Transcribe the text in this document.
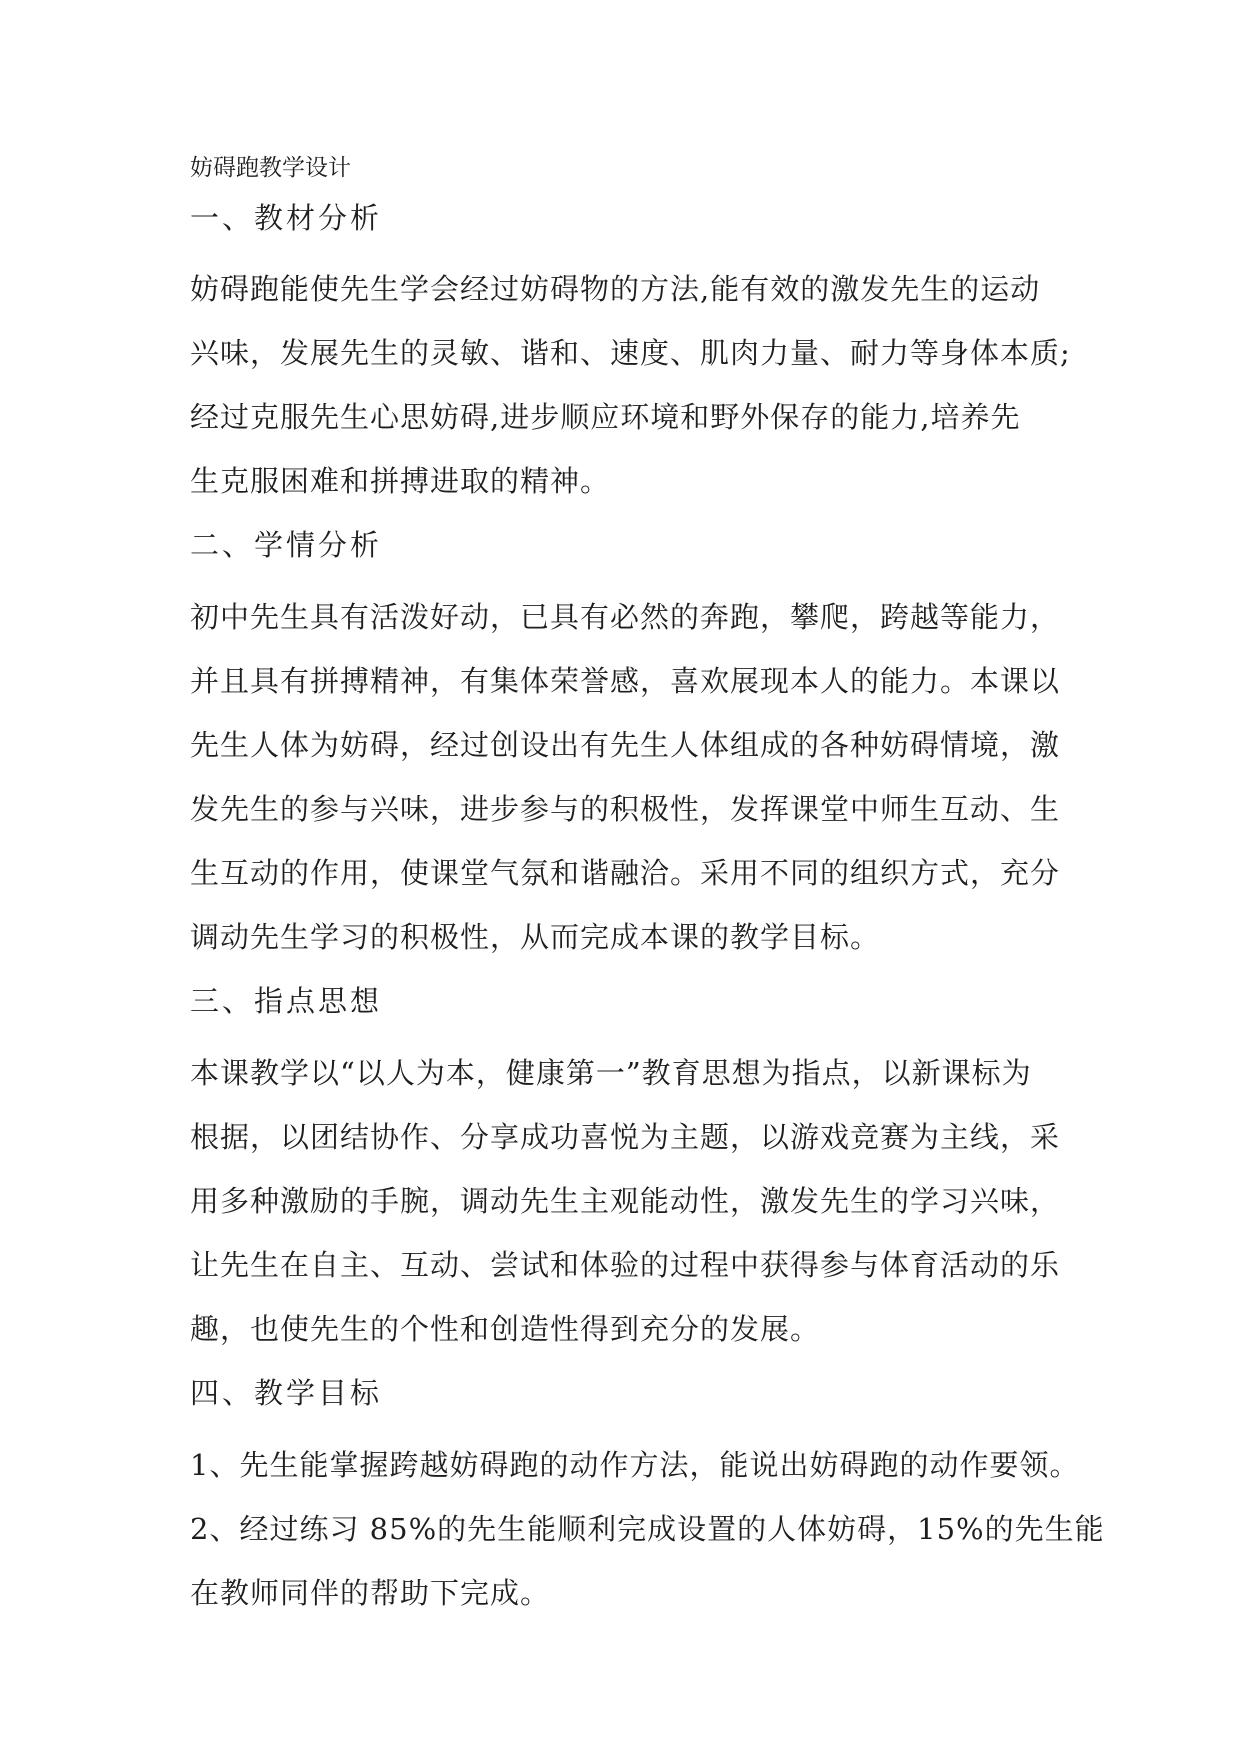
妨碍跑教学设计
一、教材分析
妨碍跑能使先生学会经过妨碍物的方法,能有效的激发先生的运动
兴味，发展先生的灵敏、谐和、速度、肌肉力量、耐力等身体本质;
经过克服先生心思妨碍,进步顺应环境和野外保存的能力,培养先
生克服困难和拼搏进取的精神。
二、学情分析
初中先生具有活泼好动，已具有必然的奔跑，攀爬，跨越等能力，
并且具有拼搏精神，有集体荣誉感，喜欢展现本人的能力。本课以
先生人体为妨碍，经过创设出有先生人体组成的各种妨碍情境，激
发先生的参与兴味，进步参与的积极性，发挥课堂中师生互动、生
生互动的作用，使课堂气氛和谐融洽。采用不同的组织方式，充分
调动先生学习的积极性，从而完成本课的教学目标。
三、指点思想
本课教学以“以人为本，健康第一”教育思想为指点，以新课标为
根据，以团结协作、分享成功喜悦为主题，以游戏竞赛为主线，采
用多种激励的手腕，调动先生主观能动性，激发先生的学习兴味，
让先生在自主、互动、尝试和体验的过程中获得参与体育活动的乐
趣，也使先生的个性和创造性得到充分的发展。
四、教学目标
1、先生能掌握跨越妨碍跑的动作方法，能说出妨碍跑的动作要领。
2、经过练习 85%的先生能顺利完成设置的人体妨碍，15%的先生能
在教师同伴的帮助下完成。
